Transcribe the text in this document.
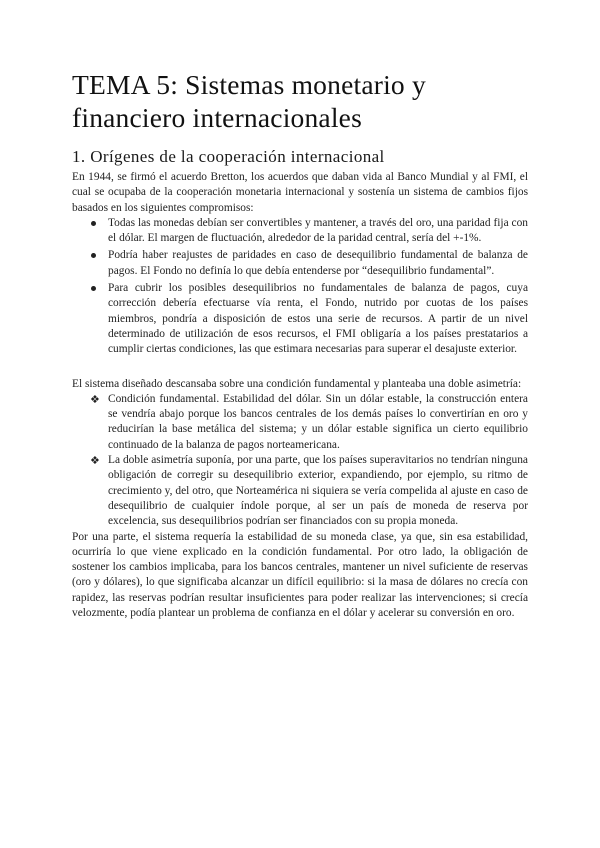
TEMA 5: Sistemas monetario y financiero internacionales
1. Orígenes de la cooperación internacional

En 1944, se firmó el acuerdo Bretton, los acuerdos que daban vida al Banco Mundial y al FMI, el cual se ocupaba de la cooperación monetaria internacional y sostenía un sistema de cambios fijos basados en los siguientes compromisos:

Todas las monedas debían ser convertibles y mantener, a través del oro, una paridad fija con el dólar. El margen de fluctuación, alrededor de la paridad central, sería del +-1%.
Podría haber reajustes de paridades en caso de desequilibrio fundamental de balanza de pagos. El Fondo no definía lo que debía entenderse por “desequilibrio fundamental”.
Para cubrir los posibles desequilibrios no fundamentales de balanza de pagos, cuya corrección debería efectuarse vía renta, el Fondo, nutrido por cuotas de los países miembros, pondría a disposición de estos una serie de recursos. A partir de un nivel determinado de utilización de esos recursos, el FMI obligaría a los países prestatarios a cumplir ciertas condiciones, las que estimara necesarias para superar el desajuste exterior.

El sistema diseñado descansaba sobre una condición fundamental y planteaba una doble asimetría:

❖ Condición fundamental. Estabilidad del dólar. Sin un dólar estable, la construcción entera se vendría abajo porque los bancos centrales de los demás países lo convertirían en oro y reducirían la base metálica del sistema; y un dólar estable significa un cierto equilibrio continuado de la balanza de pagos norteamericana.
❖ La doble asimetría suponía, por una parte, que los países superavitarios no tendrían ninguna obligación de corregir su desequilibrio exterior, expandiendo, por ejemplo, su ritmo de crecimiento y, del otro, que Norteamérica ni siquiera se vería compelida al ajuste en caso de desequilibrio de cualquier índole porque, al ser un país de moneda de reserva por excelencia, sus desequilibrios podrían ser financiados con su propia moneda.

Por una parte, el sistema requería la estabilidad de su moneda clase, ya que, sin esa estabilidad, ocurriría lo que viene explicado en la condición fundamental. Por otro lado, la obligación de sostener los cambios implicaba, para los bancos centrales, mantener un nivel suficiente de reservas (oro y dólares), lo que significaba alcanzar un difícil equilibrio: si la masa de dólares no crecía con rapidez, las reservas podrían resultar insuficientes para poder realizar las intervenciones; si crecía velozmente, podía plantear un problema de confianza en el dólar y acelerar su conversión en oro.
